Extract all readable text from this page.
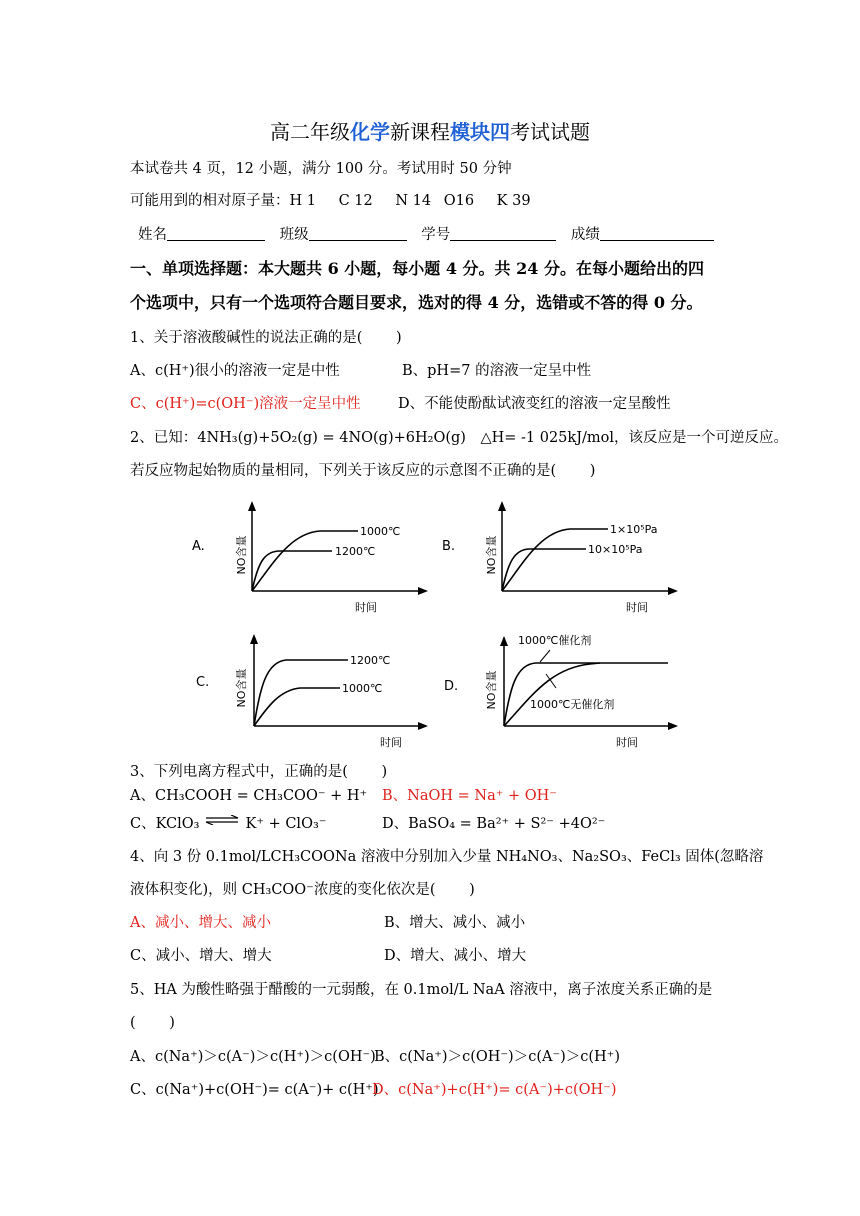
高二年级化学新课程模块四考试试题
本试卷共 4 页，12 小题，满分 100 分。考试用时 50 分钟
可能用到的相对原子量：H 1 C 12 N 14 O16 K 39
姓名	班级	学号	成绩
一、单项选择题：本大题共 6 小题，每小题 4 分。共 24 分。在每小题给出的四
个选项中，只有一个选项符合题目要求，选对的得 4 分，选错或不答的得 0 分。
1、关于溶液酸碱性的说法正确的是(　　 )
A、c(H⁺)很小的溶液一定是中性	B、pH=7 的溶液一定呈中性
C、c(H⁺)=c(OH⁻)溶液一定呈中性	D、不能使酚酞试液变红的溶液一定呈酸性
2、已知：4NH₃(g)+5O₂(g) = 4NO(g)+6H₂O(g)　△H= -1 025kJ/mol，该反应是一个可逆反应。
若反应物起始物质的量相同，下列关于该反应的示意图不正确的是(　　 )
A.	NO含量
1000℃
1200℃
时间
B.	NO含量
1×10⁵Pa
10×10⁵Pa
时间
C. NO含量
1200℃
1000℃
时间
D. NO含量
1000℃催化剂
1000℃无催化剂
时间
3、下列电离方程式中，正确的是(　　 )
A、CH₃COOH = CH₃COO⁻ + H⁺ B、NaOH = Na⁺ + OH⁻
C、KClO₃ ⇌ K⁺ + ClO₃⁻	D、BaSO₄ = Ba²⁺ + S²⁻ +4O²⁻
4、向 3 份 0.1mol/LCH₃COONa 溶液中分别加入少量 NH₄NO₃、Na₂SO₃、FeCl₃ 固体(忽略溶
液体积变化)，则 CH₃COO⁻浓度的变化依次是(　　 )
A、减小、增大、减小	B、增大、减小、减小
C、减小、增大、增大	D、增大、减小、增大
5、HA 为酸性略强于醋酸的一元弱酸，在 0.1mol/L NaA 溶液中，离子浓度关系正确的是
(　　 )
A、c(Na⁺)＞c(A⁻)＞c(H⁺)＞c(OH⁻)B、c(Na⁺)＞c(OH⁻)＞c(A⁻)＞c(H⁺)
C、c(Na⁺)+c(OH⁻)= c(A⁻)+ c(H⁺)D、c(Na⁺)+c(H⁺)= c(A⁻)+c(OH⁻)
